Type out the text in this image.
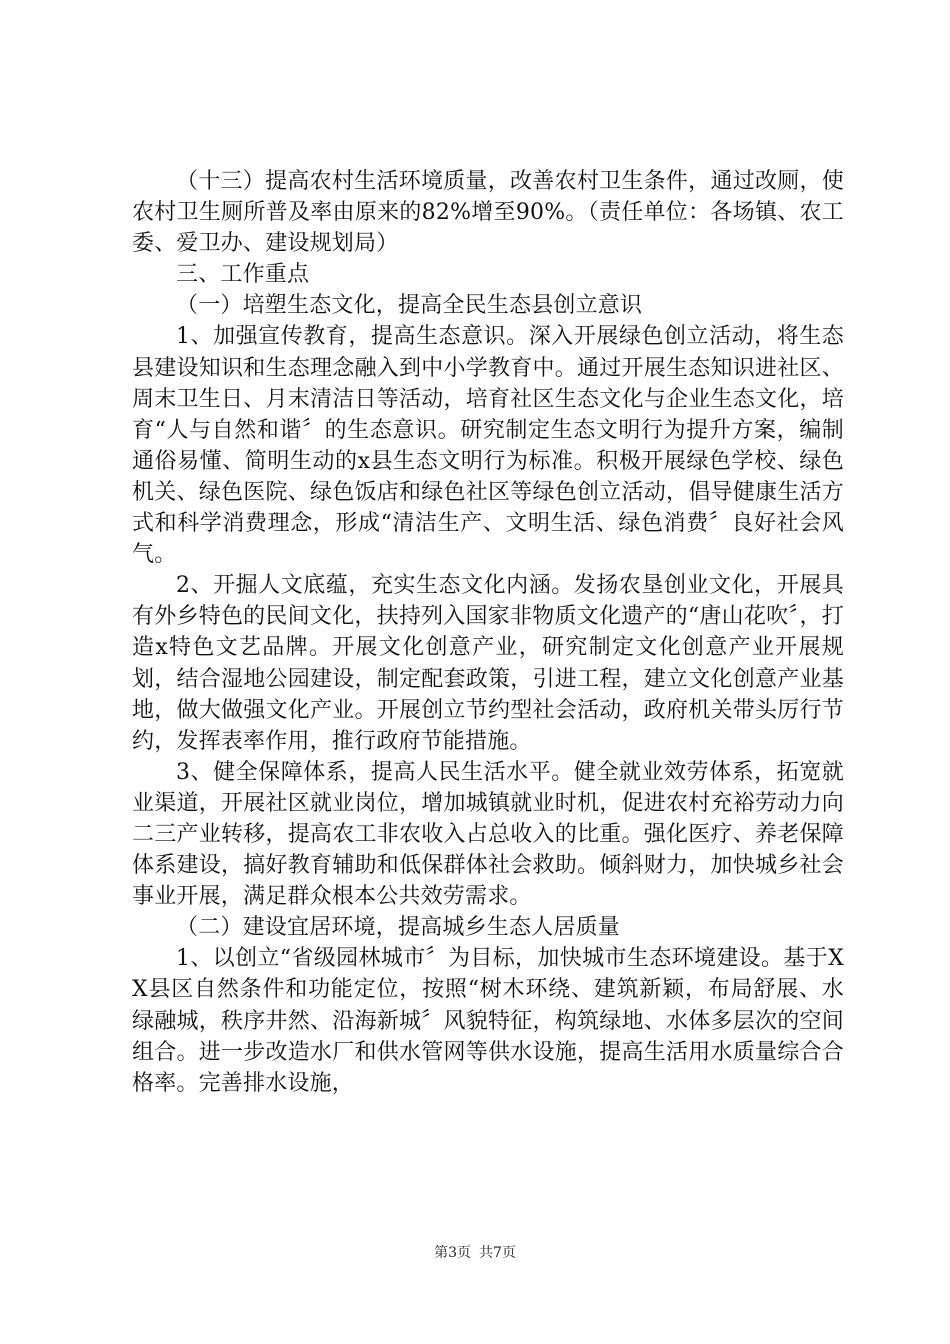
（十三）提高农村生活环境质量，改善农村卫生条件，通过改厕，使农村卫生厕所普及率由原来的82%增至90%。（责任单位：各场镇、农工委、爱卫办、建设规划局）

三、工作重点

（一）培塑生态文化，提高全民生态县创立意识

1、加强宣传教育，提高生态意识。深入开展绿色创立活动，将生态县建设知识和生态理念融入到中小学教育中。通过开展生态知识进社区、周末卫生日、月末清洁日等活动，培育社区生态文化与企业生态文化，培育“人与自然和谐〞的生态意识。研究制定生态文明行为提升方案，编制通俗易懂、简明生动的x县生态文明行为标准。积极开展绿色学校、绿色机关、绿色医院、绿色饭店和绿色社区等绿色创立活动，倡导健康生活方式和科学消费理念，形成“清洁生产、文明生活、绿色消费〞良好社会风气。

2、开掘人文底蕴，充实生态文化内涵。发扬农垦创业文化，开展具有外乡特色的民间文化，扶持列入国家非物质文化遗产的“唐山花吹〞，打造x特色文艺品牌。开展文化创意产业，研究制定文化创意产业开展规划，结合湿地公园建设，制定配套政策，引进工程，建立文化创意产业基地，做大做强文化产业。开展创立节约型社会活动，政府机关带头厉行节约，发挥表率作用，推行政府节能措施。

3、健全保障体系，提高人民生活水平。健全就业效劳体系，拓宽就业渠道，开展社区就业岗位，增加城镇就业时机，促进农村充裕劳动力向二三产业转移，提高农工非农收入占总收入的比重。强化医疗、养老保障体系建设，搞好教育辅助和低保群体社会救助。倾斜财力，加快城乡社会事业开展，满足群众根本公共效劳需求。

（二）建设宜居环境，提高城乡生态人居质量

1、以创立“省级园林城市〞为目标，加快城市生态环境建设。基于XX县区自然条件和功能定位，按照“树木环绕、建筑新颖，布局舒展、水绿融城，秩序井然、沿海新城〞风貌特征，构筑绿地、水体多层次的空间组合。进一步改造水厂和供水管网等供水设施，提高生活用水质量综合合格率。完善排水设施，

第3页 共7页
